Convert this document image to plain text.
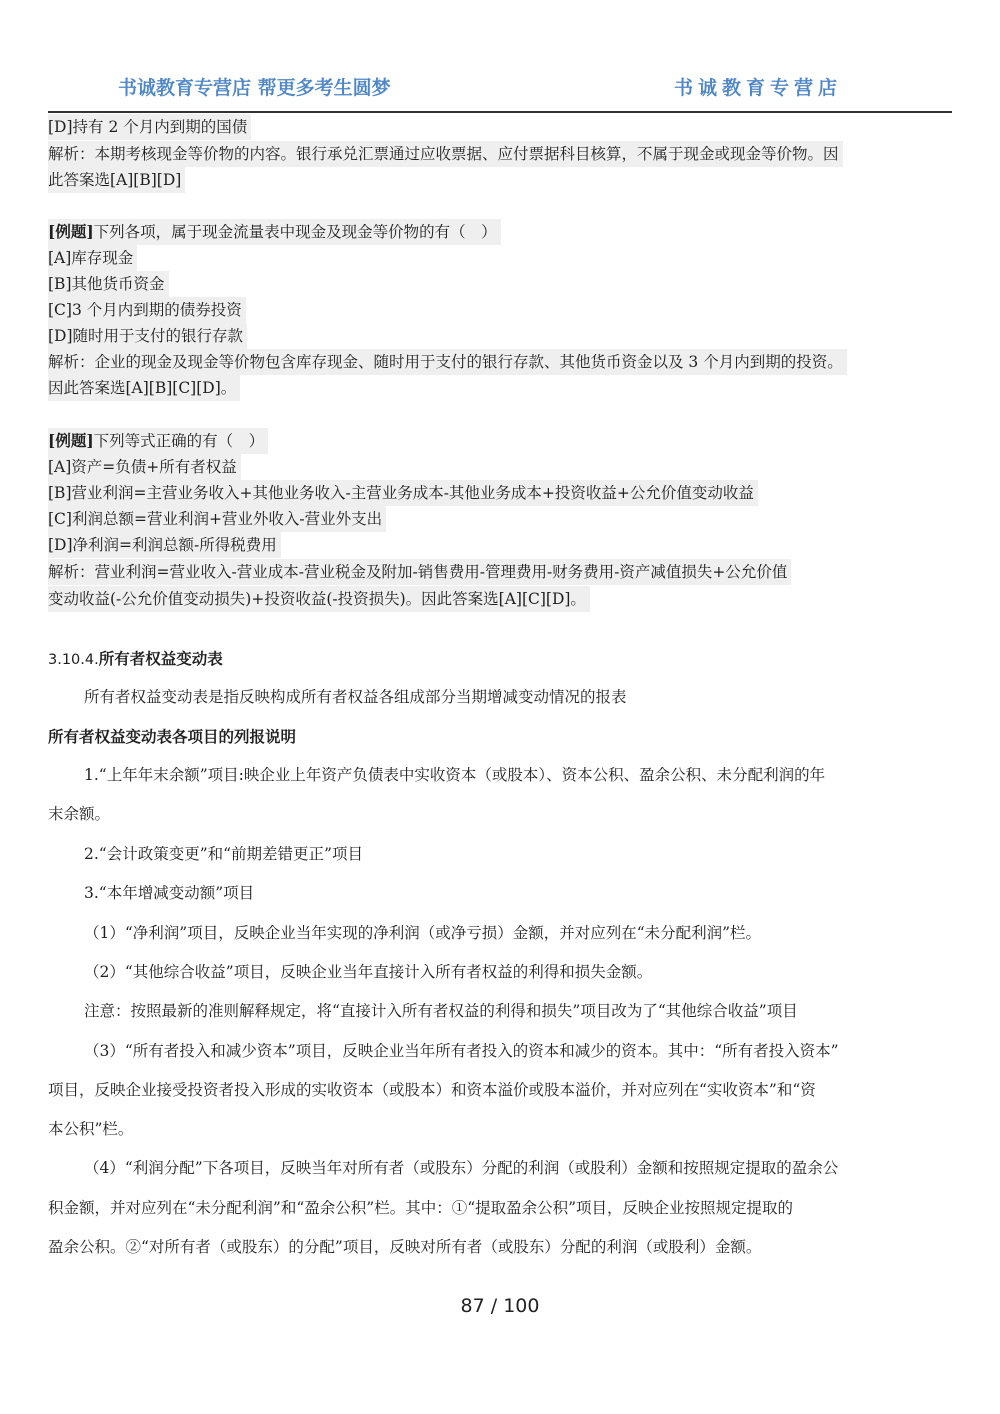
书诚教育专营店 帮更多考生圆梦	书诚教育专营店
[D]持有 2 个月内到期的国债
解析：本期考核现金等价物的内容。银行承兑汇票通过应收票据、应付票据科目核算，不属于现金或现金等价物。因
此答案选[A][B][D]
[例题]下列各项，属于现金流量表中现金及现金等价物的有（　）
[A]库存现金
[B]其他货币资金
[C]3 个月内到期的债券投资
[D]随时用于支付的银行存款
解析：企业的现金及现金等价物包含库存现金、随时用于支付的银行存款、其他货币资金以及 3 个月内到期的投资。
因此答案选[A][B][C][D]。
[例题]下列等式正确的有（　）
[A]资产=负债+所有者权益
[B]营业利润=主营业务收入+其他业务收入-主营业务成本-其他业务成本+投资收益+公允价值变动收益
[C]利润总额=营业利润+营业外收入-营业外支出
[D]净利润=利润总额-所得税费用
解析：营业利润=营业收入-营业成本-营业税金及附加-销售费用-管理费用-财务费用-资产减值损失+公允价值
变动收益(-公允价值变动损失)+投资收益(-投资损失)。因此答案选[A][C][D]。
3.10.4.所有者权益变动表
所有者权益变动表是指反映构成所有者权益各组成部分当期增减变动情况的报表
所有者权益变动表各项目的列报说明
1.“上年年末余额”项目:映企业上年资产负债表中实收资本（或股本）、资本公积、盈余公积、未分配利润的年
末余额。
2.“会计政策变更”和“前期差错更正”项目
3.“本年增减变动额”项目
（1）“净利润”项目，反映企业当年实现的净利润（或净亏损）金额，并对应列在“未分配利润”栏。
（2）“其他综合收益”项目，反映企业当年直接计入所有者权益的利得和损失金额。
注意：按照最新的准则解释规定，将“直接计入所有者权益的利得和损失”项目改为了“其他综合收益”项目
（3）“所有者投入和减少资本”项目，反映企业当年所有者投入的资本和减少的资本。其中：“所有者投入资本”
项目，反映企业接受投资者投入形成的实收资本（或股本）和资本溢价或股本溢价，并对应列在“实收资本”和“资
本公积”栏。
（4）“利润分配”下各项目，反映当年对所有者（或股东）分配的利润（或股利）金额和按照规定提取的盈余公
积金额，并对应列在“未分配利润”和“盈余公积”栏。其中：①“提取盈余公积”项目，反映企业按照规定提取的
盈余公积。②“对所有者（或股东）的分配”项目，反映对所有者（或股东）分配的利润（或股利）金额。
87 / 100
